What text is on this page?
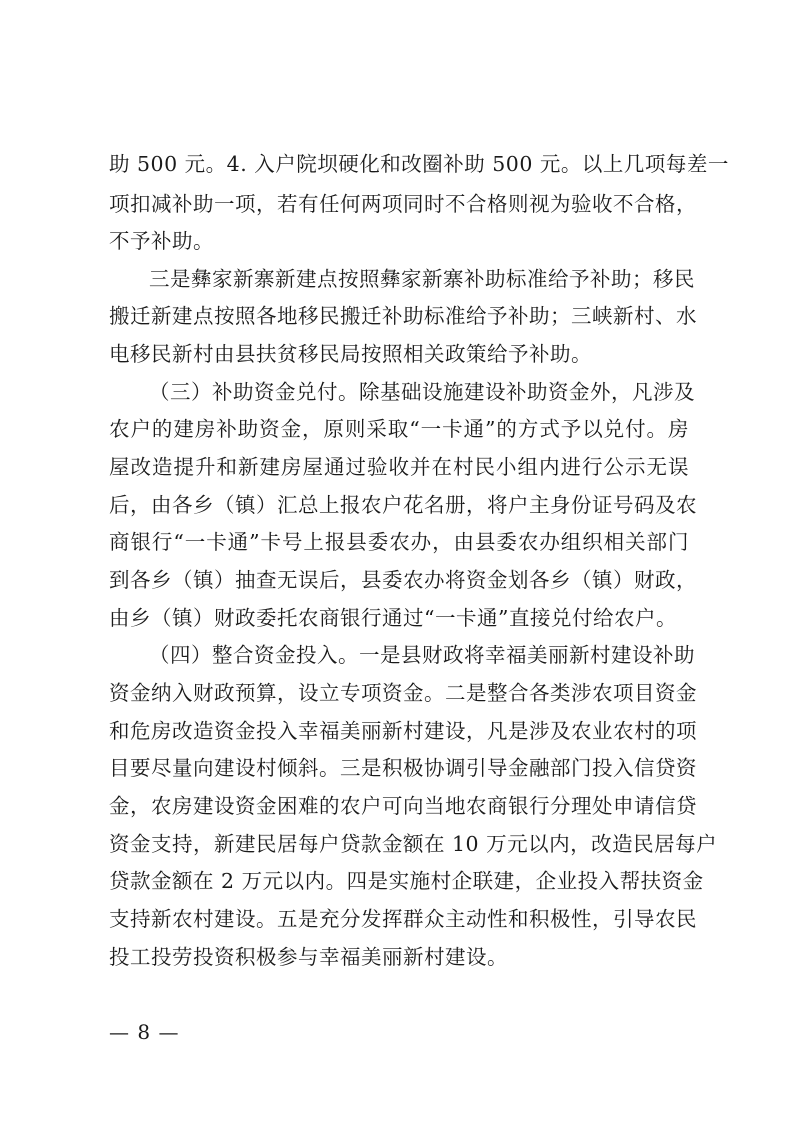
助 500 元。4. 入户院坝硬化和改圈补助 500 元。以上几项每差一
项扣减补助一项，若有任何两项同时不合格则视为验收不合格，
不予补助。
三是彝家新寨新建点按照彝家新寨补助标准给予补助；移民
搬迁新建点按照各地移民搬迁补助标准给予补助；三峡新村、水
电移民新村由县扶贫移民局按照相关政策给予补助。
（三）补助资金兑付。除基础设施建设补助资金外，凡涉及
农户的建房补助资金，原则采取“一卡通”的方式予以兑付。房
屋改造提升和新建房屋通过验收并在村民小组内进行公示无误
后，由各乡（镇）汇总上报农户花名册，将户主身份证号码及农
商银行“一卡通”卡号上报县委农办，由县委农办组织相关部门
到各乡（镇）抽查无误后，县委农办将资金划各乡（镇）财政，
由乡（镇）财政委托农商银行通过“一卡通”直接兑付给农户。
（四）整合资金投入。一是县财政将幸福美丽新村建设补助
资金纳入财政预算，设立专项资金。二是整合各类涉农项目资金
和危房改造资金投入幸福美丽新村建设，凡是涉及农业农村的项
目要尽量向建设村倾斜。三是积极协调引导金融部门投入信贷资
金，农房建设资金困难的农户可向当地农商银行分理处申请信贷
资金支持，新建民居每户贷款金额在 10 万元以内，改造民居每户
贷款金额在 2 万元以内。四是实施村企联建，企业投入帮扶资金
支持新农村建设。五是充分发挥群众主动性和积极性，引导农民
投工投劳投资积极参与幸福美丽新村建设。
— 8 —
